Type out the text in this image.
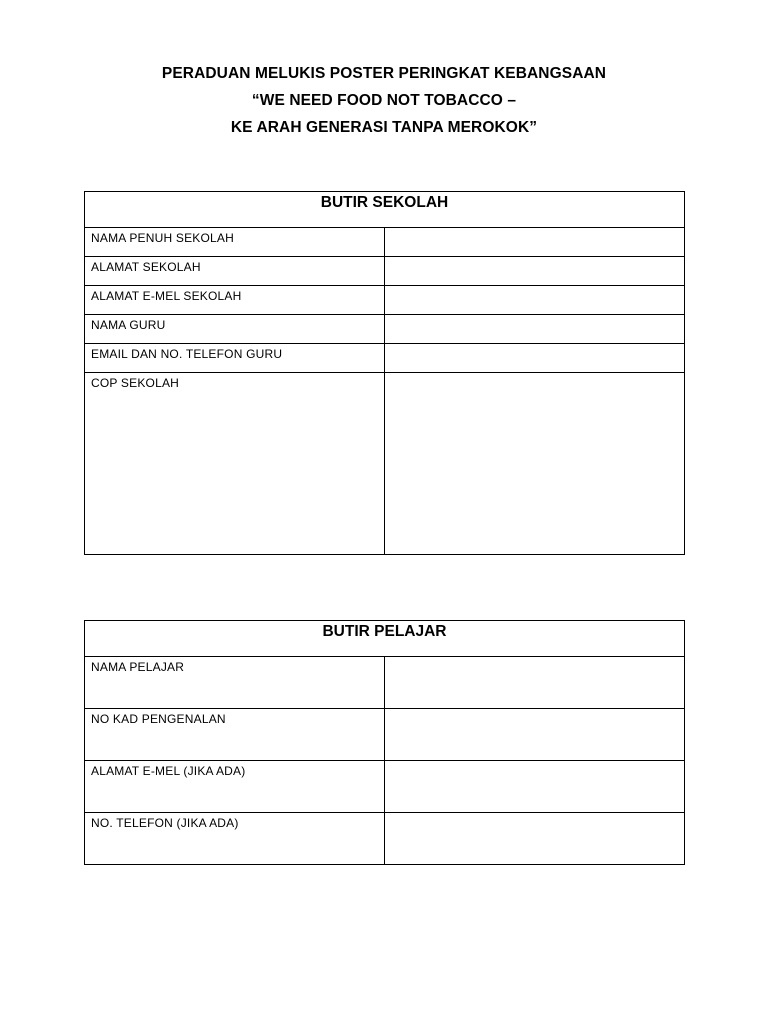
PERADUAN MELUKIS POSTER PERINGKAT KEBANGSAAN
“WE NEED FOOD NOT TOBACCO –
KE ARAH GENERASI TANPA MEROKOK”
BUTIR SEKOLAH	
NAMA PENUH SEKOLAH	
ALAMAT SEKOLAH	
ALAMAT E-MEL SEKOLAH	
NAMA GURU	
EMAIL DAN NO. TELEFON GURU	
COP SEKOLAH	
BUTIR PELAJAR	
NAMA PELAJAR	
NO KAD PENGENALAN	
ALAMAT E-MEL (JIKA ADA)	
NO. TELEFON (JIKA ADA)	
